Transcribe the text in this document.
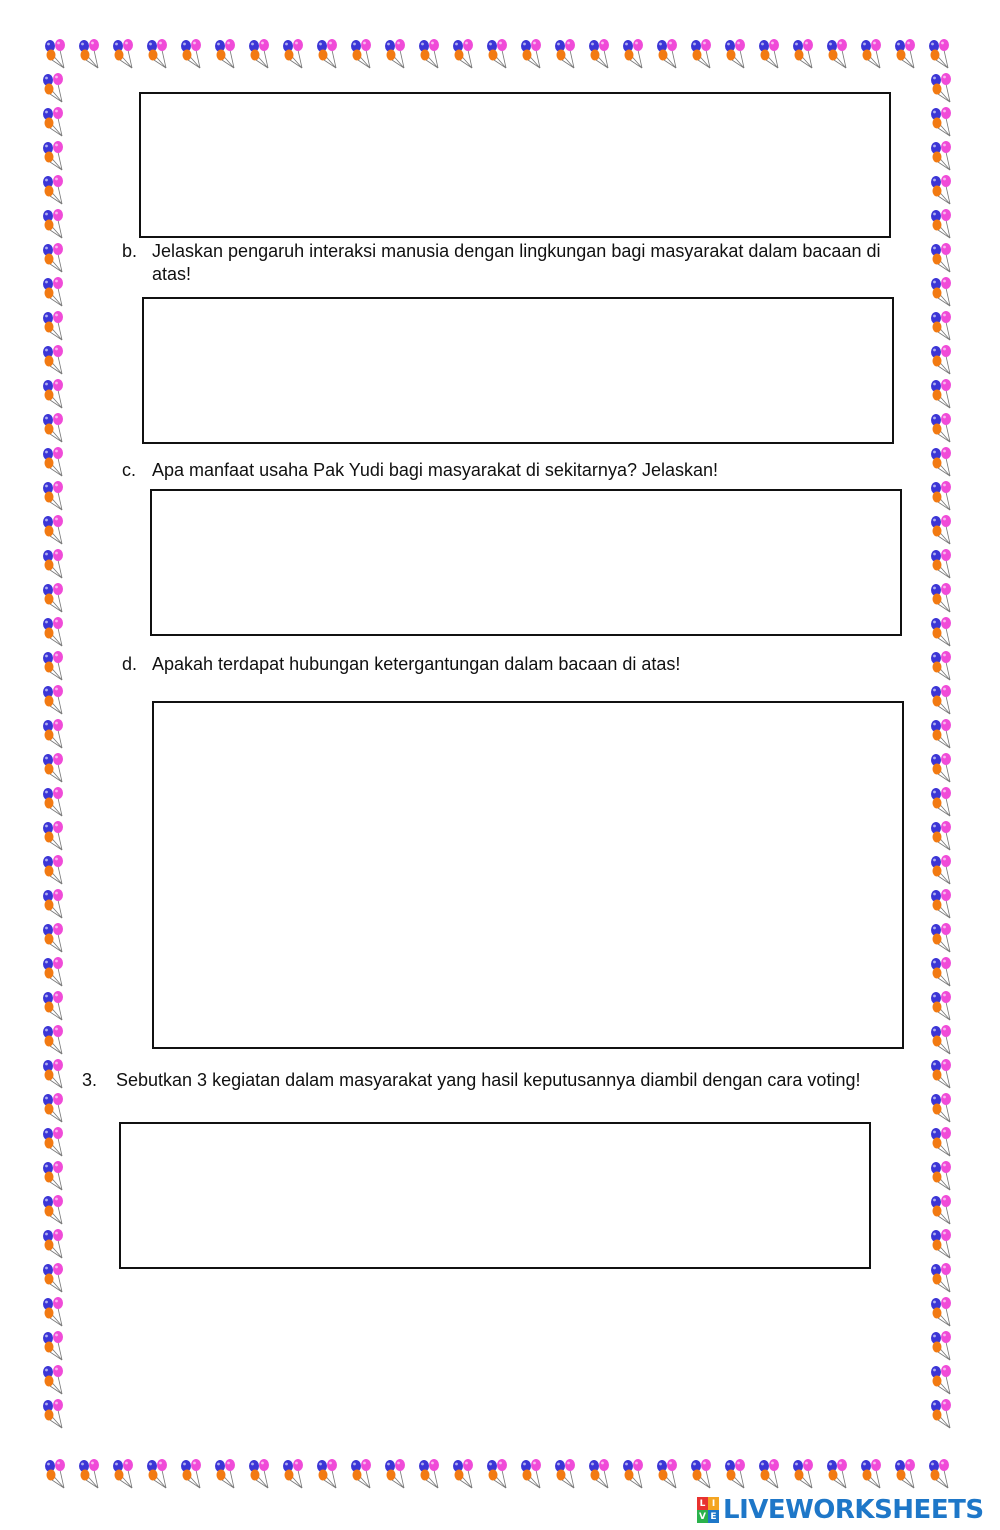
b. Jelaskan pengaruh interaksi manusia dengan lingkungan bagi masyarakat dalam bacaan di atas!
c. Apa manfaat usaha Pak Yudi bagi masyarakat di sekitarnya? Jelaskan!
d. Apakah terdapat hubungan ketergantungan dalam bacaan di atas!
3.	Sebutkan 3 kegiatan dalam masyarakat yang hasil keputusannya diambil dengan cara voting!
L I
V E LIVEWORKSHEETS
